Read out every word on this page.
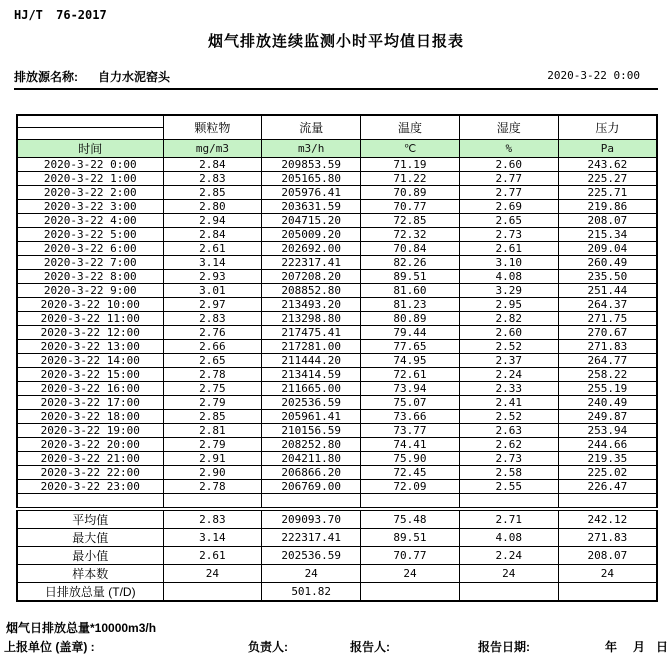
HJ/T 76-2017
烟气排放连续监测小时平均值日报表
排放源名称: 自力水泥窑头	2020-3-22 0:00
	颗粒物	流量	温度	湿度	压力

时间	mg/m3	m3/h	℃	%	Pa
2020-3-22 0:00	2.84	209853.59	71.19	2.60	243.62
2020-3-22 1:00	2.83	205165.80	71.22	2.77	225.27
2020-3-22 2:00	2.85	205976.41	70.89	2.77	225.71
2020-3-22 3:00	2.80	203631.59	70.77	2.69	219.86
2020-3-22 4:00	2.94	204715.20	72.85	2.65	208.07
2020-3-22 5:00	2.84	205009.20	72.32	2.73	215.34
2020-3-22 6:00	2.61	202692.00	70.84	2.61	209.04
2020-3-22 7:00	3.14	222317.41	82.26	3.10	260.49
2020-3-22 8:00	2.93	207208.20	89.51	4.08	235.50
2020-3-22 9:00	3.01	208852.80	81.60	3.29	251.44
2020-3-22 10:00	2.97	213493.20	81.23	2.95	264.37
2020-3-22 11:00	2.83	213298.80	80.89	2.82	271.75
2020-3-22 12:00	2.76	217475.41	79.44	2.60	270.67
2020-3-22 13:00	2.66	217281.00	77.65	2.52	271.83
2020-3-22 14:00	2.65	211444.20	74.95	2.37	264.77
2020-3-22 15:00	2.78	213414.59	72.61	2.24	258.22
2020-3-22 16:00	2.75	211665.00	73.94	2.33	255.19
2020-3-22 17:00	2.79	202536.59	75.07	2.41	240.49
2020-3-22 18:00	2.85	205961.41	73.66	2.52	249.87
2020-3-22 19:00	2.81	210156.59	73.77	2.63	253.94
2020-3-22 20:00	2.79	208252.80	74.41	2.62	244.66
2020-3-22 21:00	2.91	204211.80	75.90	2.73	219.35
2020-3-22 22:00	2.90	206866.20	72.45	2.58	225.02
2020-3-22 23:00	2.78	206769.00	72.09	2.55	226.47

平均值	2.83	209093.70	75.48	2.71	242.12
最大值	3.14	222317.41	89.51	4.08	271.83
最小值	2.61	202536.59	70.77	2.24	208.07
样本数	24	24	24	24	24
日排放总量 (T/D)		501.82			
烟气日排放总量*10000m3/h
上报单位 (盖章) :	负责人:	报告人:	报告日期:	年 月 日
